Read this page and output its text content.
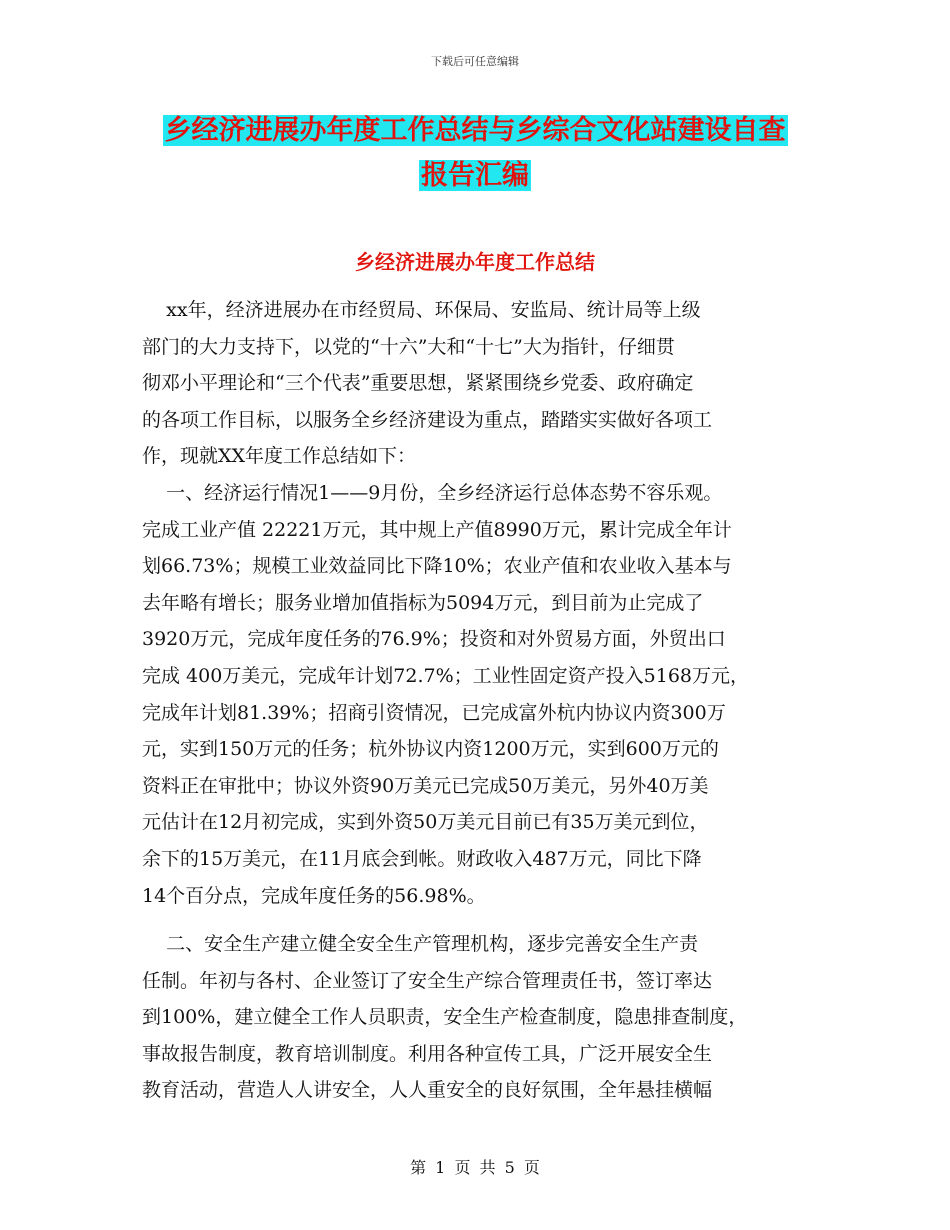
下载后可任意编辑
乡经济进展办年度工作总结与乡综合文化站建设自查
报告汇编
乡经济进展办年度工作总结
xx年，经济进展办在市经贸局、环保局、安监局、统计局等上级
部门的大力支持下，以党的“十六”大和“十七”大为指针，仔细贯
彻邓小平理论和“三个代表”重要思想，紧紧围绕乡党委、政府确定
的各项工作目标，以服务全乡经济建设为重点，踏踏实实做好各项工
作，现就XX年度工作总结如下：
一、经济运行情况1——9月份，全乡经济运行总体态势不容乐观。
完成工业产值 22221万元，其中规上产值8990万元，累计完成全年计
划66.73%；规模工业效益同比下降10%；农业产值和农业收入基本与
去年略有增长；服务业增加值指标为5094万元，到目前为止完成了
3920万元，完成年度任务的76.9%；投资和对外贸易方面，外贸出口
完成 400万美元，完成年计划72.7%；工业性固定资产投入5168万元，
完成年计划81.39%；招商引资情况，已完成富外杭内协议内资300万
元，实到150万元的任务；杭外协议内资1200万元，实到600万元的
资料正在审批中；协议外资90万美元已完成50万美元，另外40万美
元估计在12月初完成，实到外资50万美元目前已有35万美元到位，
余下的15万美元，在11月底会到帐。财政收入487万元，同比下降
14个百分点，完成年度任务的56.98%。
二、安全生产建立健全安全生产管理机构，逐步完善安全生产责
任制。年初与各村、企业签订了安全生产综合管理责任书，签订率达
到100%，建立健全工作人员职责，安全生产检查制度，隐患排查制度，
事故报告制度，教育培训制度。利用各种宣传工具，广泛开展安全生
教育活动，营造人人讲安全，人人重安全的良好氛围，全年悬挂横幅
第 1 页 共 5 页
